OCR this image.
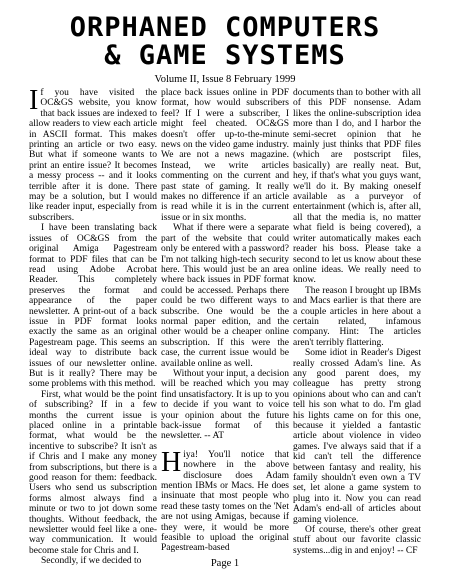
ORPHANED COMPUTERS
& GAME SYSTEMS
Volume II, Issue 8 February 1999

If you have visited the OC&GS website, you know that back issues are indexed to allow readers to view each article in ASCII format. This makes printing an article or two easy. But what if someone wants to print an entire issue? It becomes a messy process -- and it looks terrible after it is done. There may be a solution, but I would like reader input, especially from subscribers.

I have been translating back issues of OC&GS from the original Amiga Pagestream format to PDF files that can be read using Adobe Acrobat Reader. This completely preserves the format and appearance of the paper newsletter. A print-out of a back issue in PDF format looks exactly the same as an original Pagestream page. This seems an ideal way to distribute back issues of our newsletter online. But is it really? There may be some problems with this method.

First, what would be the point of subscribing? If in a few months the current issue is placed online in a printable format, what would be the incentive to subscribe? It isn't as if Chris and I make any money from subscriptions, but there is a good reason for them: feedback. Users who send us subscription forms almost always find a minute or two to jot down some thoughts. Without feedback, the newsletter would feel like a one-way communication. It would become stale for Chris and I.

Secondly, if we decided to

place back issues online in PDF format, how would subscribers feel? If I were a subscriber, I might feel cheated. OC&GS doesn't offer up-to-the-minute news on the video game industry. We are not a news magazine. Instead, we write articles commenting on the current and past state of gaming. It really makes no difference if an article is read while it is in the current issue or in six months.

What if there were a separate part of the website that could only be entered with a password? I'm not talking high-tech security here. This would just be an area where back issues in PDF format could be accessed. Perhaps there could be two different ways to subscribe. One would be the normal paper edition, and the other would be a cheaper online subscription. If this were the case, the current issue would be available online as well.

Without your input, a decision will be reached which you may find unsatisfactory. It is up to you to decide if you want to voice your opinion about the future back-issue format of this newsletter. -- AT

Hiya! You'll notice that nowhere in the above disclosure does Adam mention IBMs or Macs. He does insinuate that most people who read these tasty tomes on the 'Net are not using Amigas, because if they were, it would be more feasible to upload the original Pagestream-based

documents than to bother with all of this PDF nonsense. Adam likes the online-subscription idea more than I do, and I harbor the semi-secret opinion that he mainly just thinks that PDF files (which are postscript files, basically) are really neat. But, hey, if that's what you guys want, we'll do it. By making oneself available as a purveyor of entertainment (which is, after all, all that the media is, no matter what field is being covered), a writer automatically makes each reader his boss. Please take a second to let us know about these online ideas. We really need to know.

The reason I brought up IBMs and Macs earlier is that there are a couple articles in here about a certain related, infamous company. Hint: The articles aren't terribly flattering.

Some idiot in Reader's Digest really crossed Adam's line. As any good parent does, my colleague has pretty strong opinions about who can and can't tell his son what to do. I'm glad his lights came on for this one, because it yielded a fantastic article about violence in video games. I've always said that if a kid can't tell the difference between fantasy and reality, his family shouldn't even own a TV set, let alone a game system to plug into it. Now you can read Adam's end-all of articles about gaming violence.

Of course, there's other great stuff about our favorite classic systems...dig in and enjoy! -- CF

Page 1
